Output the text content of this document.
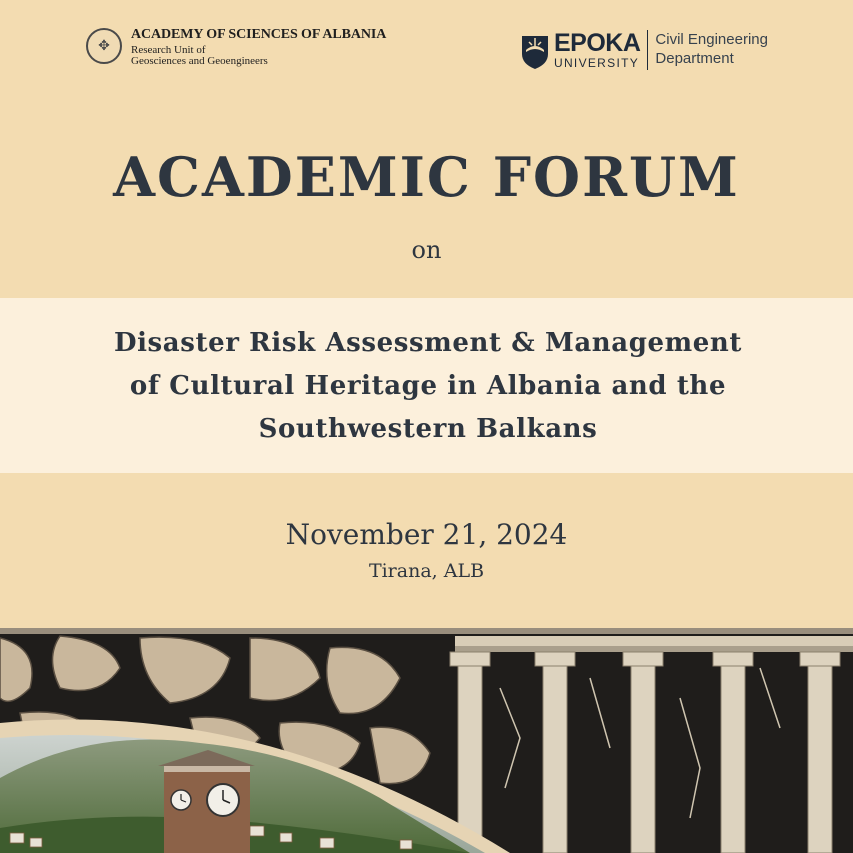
✥
ACADEMY OF SCIENCES OF ALBANIA
Research Unit of
Geosciences and Geoengineers
EPOKA
UNIVERSITY
Civil Engineering
Department
ACADEMIC FORUM
on
Disaster Risk Assessment & Management
of Cultural Heritage in Albania and the
Southwestern Balkans
November 21, 2024
Tirana, ALB
